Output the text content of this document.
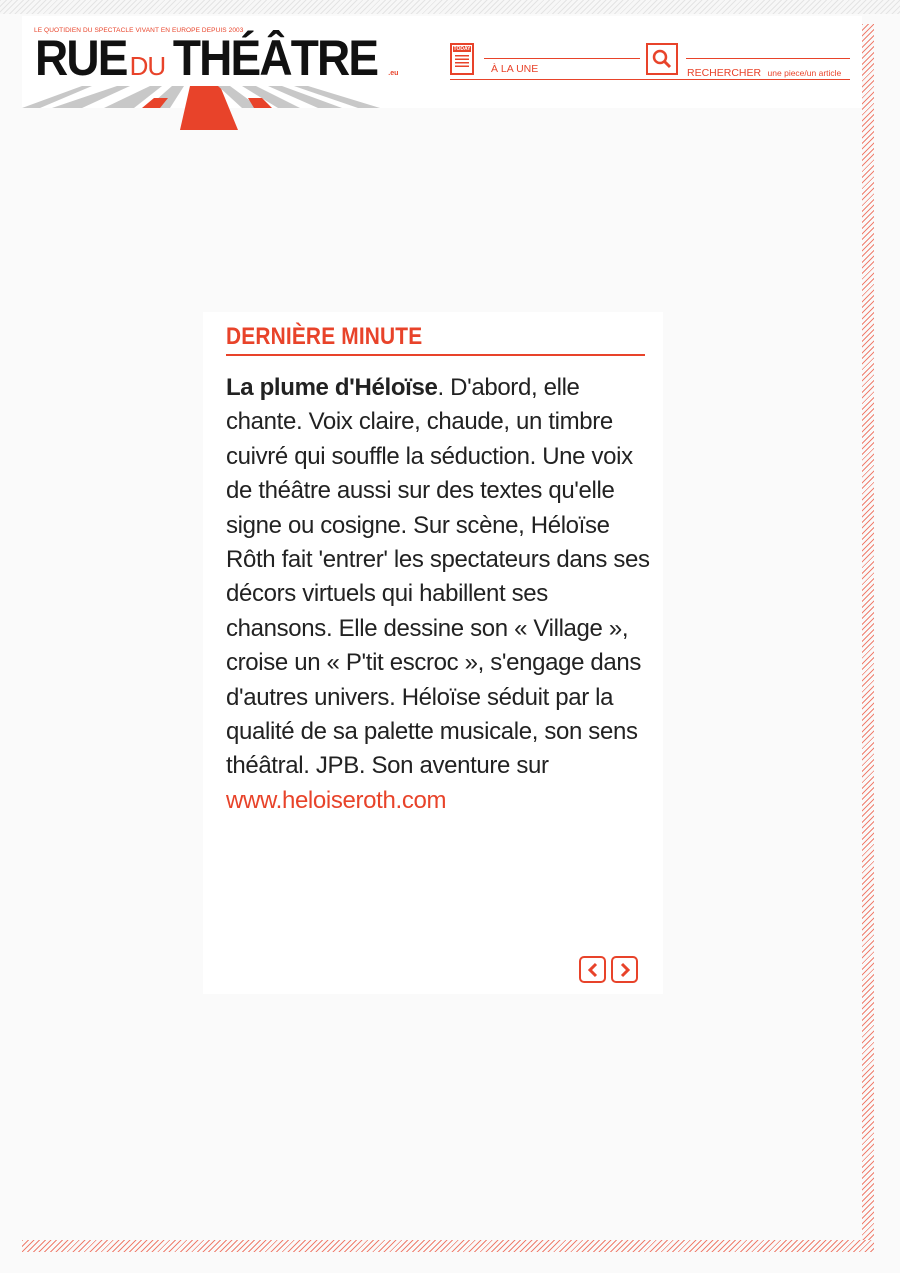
LE QUOTIDIEN DU SPECTACLE VIVANT EN EUROPE DEPUIS 2003
RUE DU THÉÂTRE .eu
TODAY
À LA UNE	RECHERCHER une piece/un article
DERNIÈRE MINUTE
La plume d'Héloïse. D'abord, elle chante. Voix claire, chaude, un timbre cuivré qui souffle la séduction. Une voix de théâtre aussi sur des textes qu'elle signe ou cosigne. Sur scène, Héloïse Rôth fait 'entrer' les spectateurs dans ses décors virtuels qui habillent ses chansons. Elle dessine son « Village », croise un « P'tit escroc », s'engage dans d'autres univers. Héloïse séduit par la qualité de sa palette musicale, son sens théâtral. JPB. Son aventure sur www.heloiseroth.com
